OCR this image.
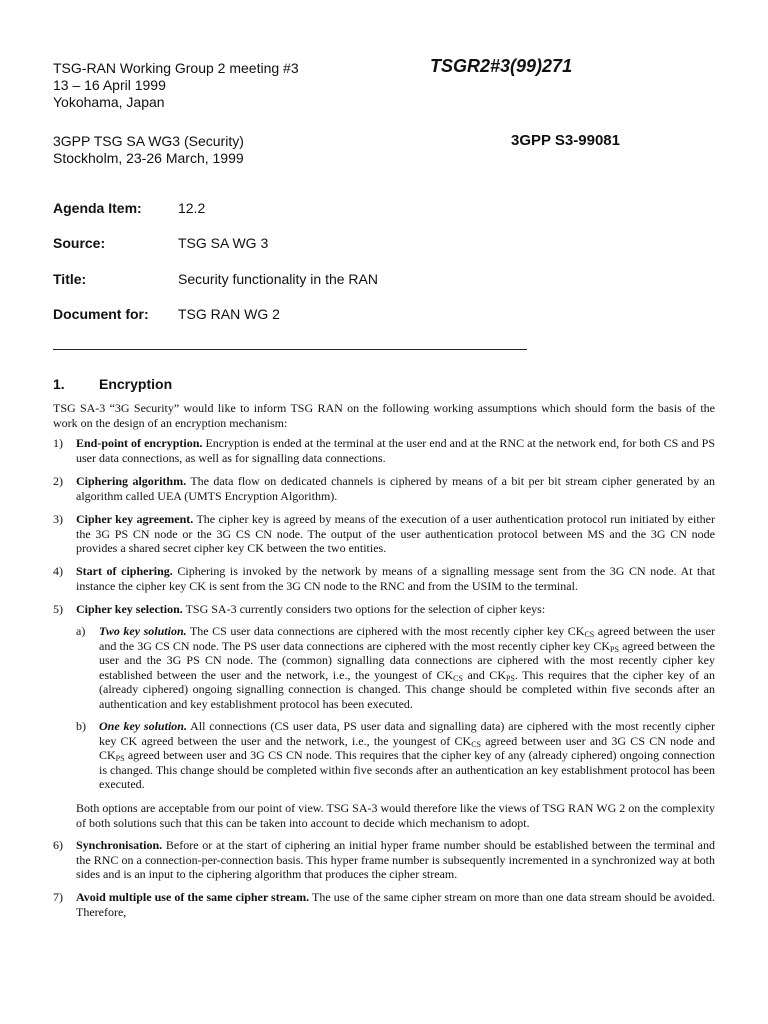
TSG-RAN Working Group 2 meeting #3
13 – 16 April 1999
Yokohama, Japan
TSGR2#3(99)271
3GPP TSG SA WG3 (Security)
Stockholm, 23-26 March, 1999
3GPP S3-99081
Agenda Item:	12.2
Source:	TSG SA WG 3
Title:	Security functionality in the RAN
Document for: TSG RAN WG 2
1. Encryption
TSG SA-3 “3G Security” would like to inform TSG RAN on the following working assumptions which should form the basis of the work on the design of an encryption mechanism:
1)	End-point of encryption. Encryption is ended at the terminal at the user end and at the RNC at the network end, for both CS and PS user data connections, as well as for signalling data connections.
2)	Ciphering algorithm. The data flow on dedicated channels is ciphered by means of a bit per bit stream cipher generated by an algorithm called UEA (UMTS Encryption Algorithm).
3)	Cipher key agreement. The cipher key is agreed by means of the execution of a user authentication protocol run initiated by either the 3G PS CN node or the 3G CS CN node. The output of the user authentication protocol between MS and the 3G CN node provides a shared secret cipher key CK between the two entities.
4)	Start of ciphering. Ciphering is invoked by the network by means of a signalling message sent from the 3G CN node. At that instance the cipher key CK is sent from the 3G CN node to the RNC and from the USIM to the terminal.
5)	Cipher key selection. TSG SA-3 currently considers two options for the selection of cipher keys:
a)	Two key solution. The CS user data connections are ciphered with the most recently cipher key $CK_{CS}$ agreed between the user and the 3G CS CN node. The PS user data connections are ciphered with the most recently cipher key $CK_{PS}$ agreed between the user and the 3G PS CN node. The (common) signalling data connections are ciphered with the most recently cipher key established between the user and the network, i.e., the youngest of $CK_{CS}$ and $CK_{PS}$. This requires that the cipher key of an (already ciphered) ongoing signalling connection is changed. This change should be completed within five seconds after an authentication and key establishment protocol has been executed.
b)	One key solution. All connections (CS user data, PS user data and signalling data) are ciphered with the most recently cipher key CK agreed between the user and the network, i.e., the youngest of $CK_{CS}$ agreed between user and 3G CS CN node and $CK_{PS}$ agreed between user and 3G CS CN node. This requires that the cipher key of any (already ciphered) ongoing connection is changed. This change should be completed within five seconds after an authentication an key establishment protocol has been executed.
Both options are acceptable from our point of view. TSG SA-3 would therefore like the views of TSG RAN WG 2 on the complexity of both solutions such that this can be taken into account to decide which mechanism to adopt.
6)	Synchronisation. Before or at the start of ciphering an initial hyper frame number should be established between the terminal and the RNC on a connection-per-connection basis. This hyper frame number is subsequently incremented in a synchronized way at both sides and is an input to the ciphering algorithm that produces the cipher stream.
7)	Avoid multiple use of the same cipher stream. The use of the same cipher stream on more than one data stream should be avoided. Therefore,
